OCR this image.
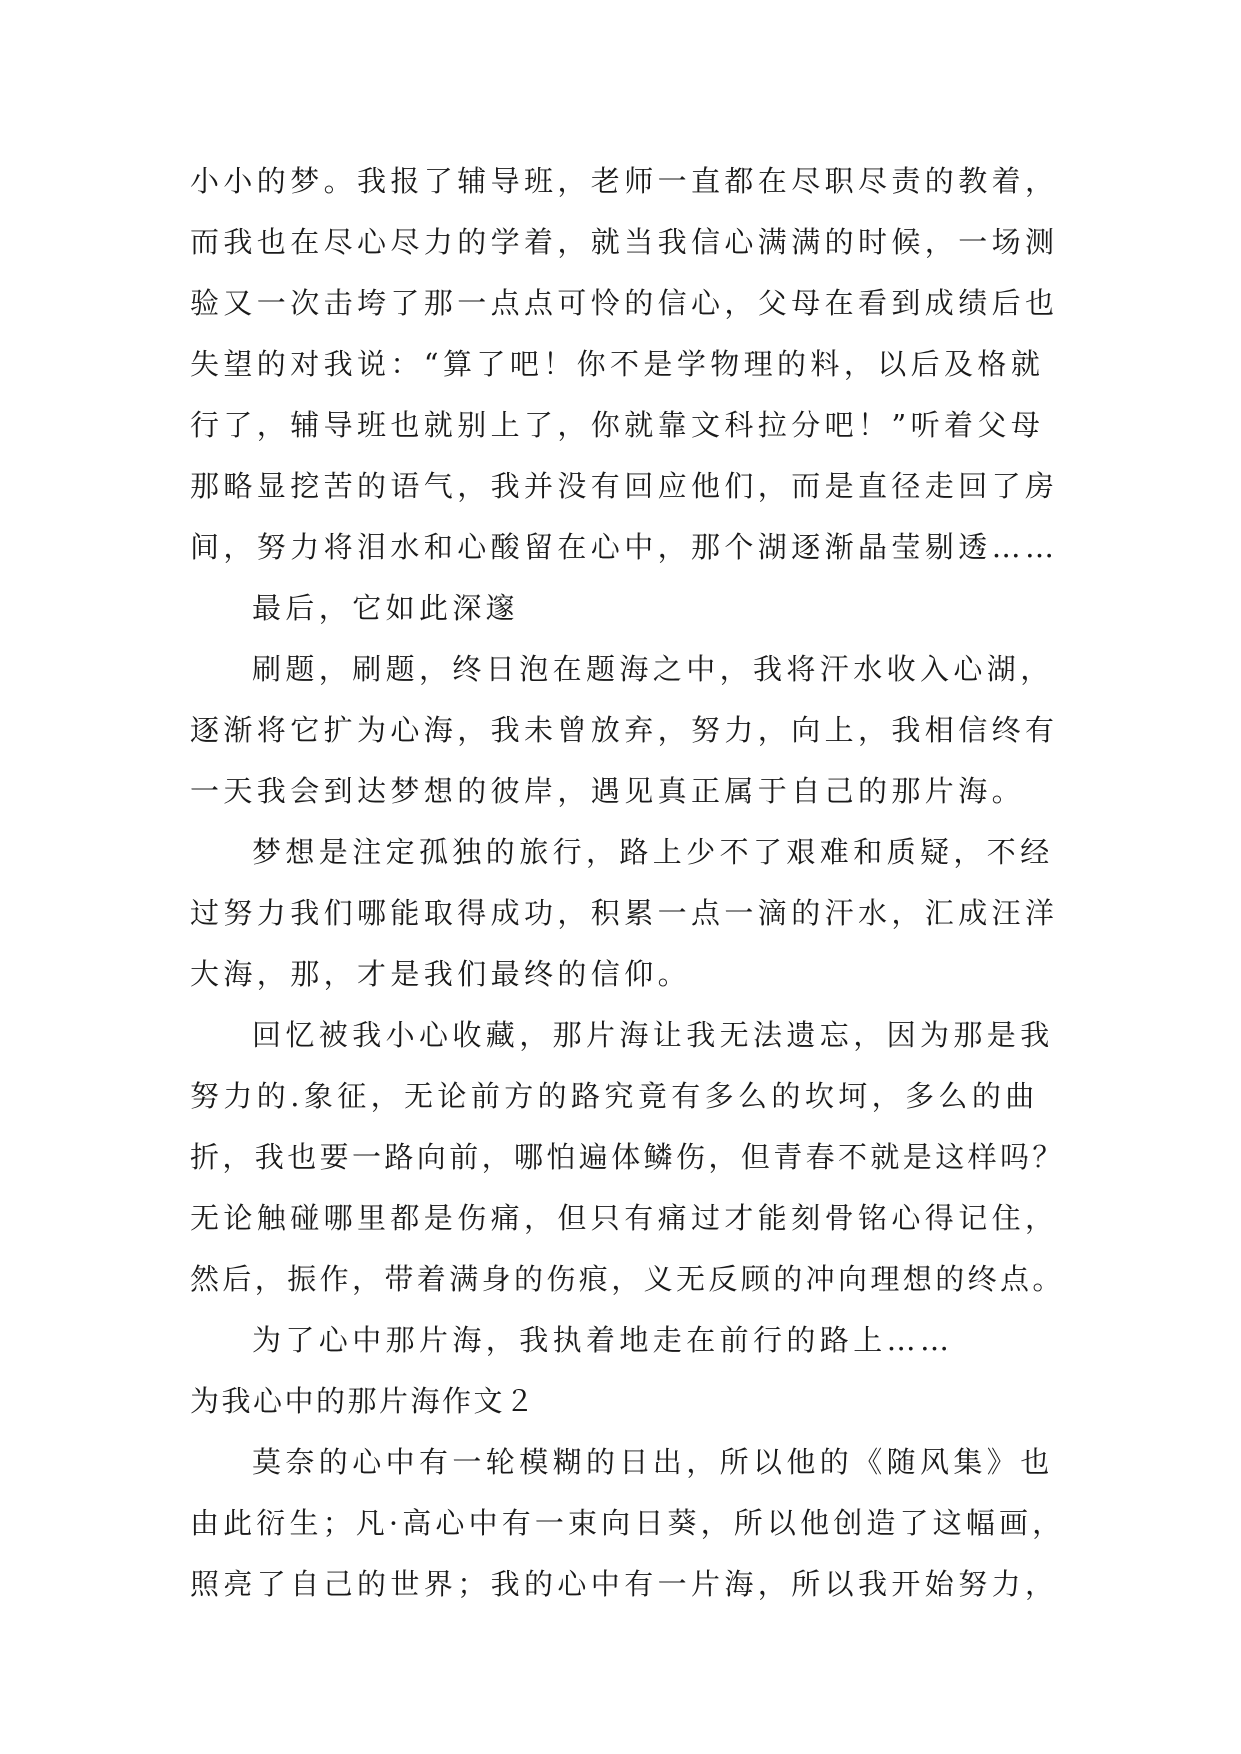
小小的梦。我报了辅导班，老师一直都在尽职尽责的教着，
而我也在尽心尽力的学着，就当我信心满满的时候，一场测
验又一次击垮了那一点点可怜的信心，父母在看到成绩后也
失望的对我说：“算了吧！你不是学物理的料，以后及格就
行了，辅导班也就别上了，你就靠文科拉分吧！”听着父母
那略显挖苦的语气，我并没有回应他们，而是直径走回了房
间，努力将泪水和心酸留在心中，那个湖逐渐晶莹剔透……
最后，它如此深邃
刷题，刷题，终日泡在题海之中，我将汗水收入心湖，
逐渐将它扩为心海，我未曾放弃，努力，向上，我相信终有
一天我会到达梦想的彼岸，遇见真正属于自己的那片海。
梦想是注定孤独的旅行，路上少不了艰难和质疑，不经
过努力我们哪能取得成功，积累一点一滴的汗水，汇成汪洋
大海，那，才是我们最终的信仰。
回忆被我小心收藏，那片海让我无法遗忘，因为那是我
努力的.象征，无论前方的路究竟有多么的坎坷，多么的曲
折，我也要一路向前，哪怕遍体鳞伤，但青春不就是这样吗？
无论触碰哪里都是伤痛，但只有痛过才能刻骨铭心得记住，
然后，振作，带着满身的伤痕，义无反顾的冲向理想的终点。
为了心中那片海，我执着地走在前行的路上……
为我心中的那片海作文２
莫奈的心中有一轮模糊的日出，所以他的《随风集》也
由此衍生；凡·高心中有一束向日葵，所以他创造了这幅画，
照亮了自己的世界；我的心中有一片海，所以我开始努力，
